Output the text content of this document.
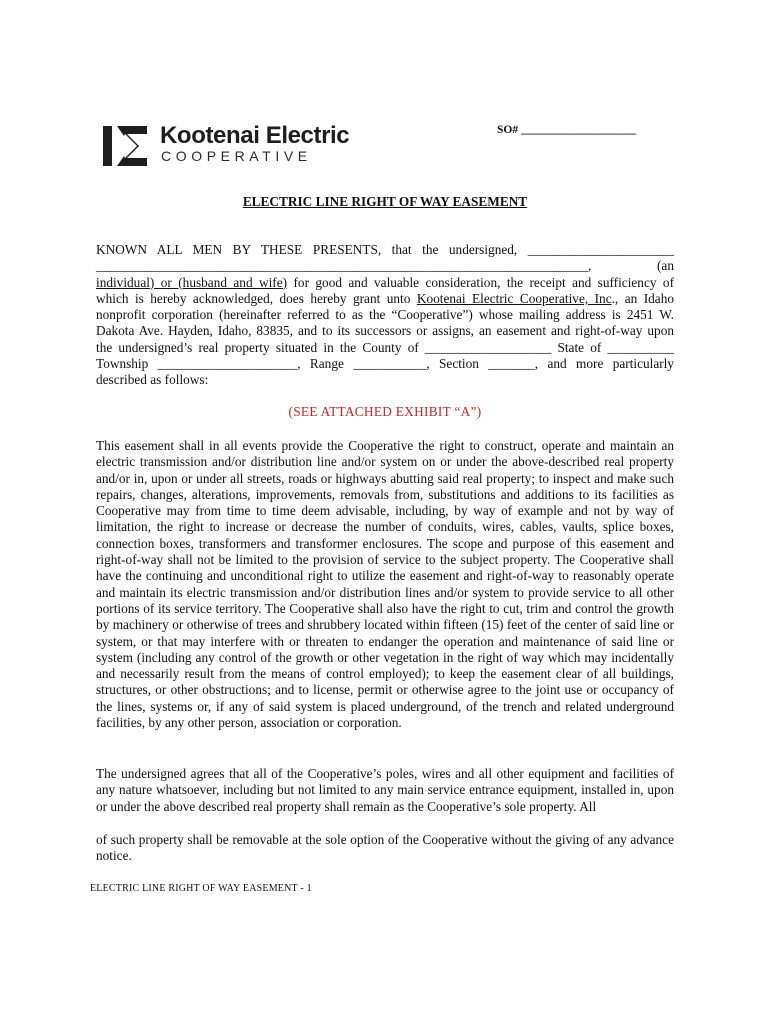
Kootenai Electric
COOPERATIVE
SO# ____________________
ELECTRIC LINE RIGHT OF WAY EASEMENT
KNOWN ALL MEN BY THESE PRESENTS, that the undersigned, ______________________
__________________________________________________________________________, (an
individual) or (husband and wife) for good and valuable consideration, the receipt and sufficiency of
which is hereby acknowledged, does hereby grant unto Kootenai Electric Cooperative, Inc., an Idaho
nonprofit corporation (hereinafter referred to as the “Cooperative”) whose mailing address is 2451 W.
Dakota Ave. Hayden, Idaho, 83835, and to its successors or assigns, an easement and right-of-way upon
the undersigned’s real property situated in the County of ___________________ State of __________
Township _____________________, Range ___________, Section _______, and more particularly
described as follows:
(SEE ATTACHED EXHIBIT “A”)

This easement shall in all events provide the Cooperative the right to construct, operate and maintain an electric transmission and/or distribution line and/or system on or under the above-described real property and/or in, upon or under all streets, roads or highways abutting said real property; to inspect and make such repairs, changes, alterations, improvements, removals from, substitutions and additions to its facilities as Cooperative may from time to time deem advisable, including, by way of example and not by way of limitation, the right to increase or decrease the number of conduits, wires, cables, vaults, splice boxes, connection boxes, transformers and transformer enclosures. The scope and purpose of this easement and right-of-way shall not be limited to the provision of service to the subject property. The Cooperative shall have the continuing and unconditional right to utilize the easement and right-of-way to reasonably operate and maintain its electric transmission and/or distribution lines and/or system to provide service to all other portions of its service territory. The Cooperative shall also have the right to cut, trim and control the growth by machinery or otherwise of trees and shrubbery located within fifteen (15) feet of the center of said line or system, or that may interfere with or threaten to endanger the operation and maintenance of said line or system (including any control of the growth or other vegetation in the right of way which may incidentally and necessarily result from the means of control employed); to keep the easement clear of all buildings, structures, or other obstructions; and to license, permit or otherwise agree to the joint use or occupancy of the lines, systems or, if any of said system is placed underground, of the trench and related underground facilities, by any other person, association or corporation.

The undersigned agrees that all of the Cooperative’s poles, wires and all other equipment and facilities of any nature whatsoever, including but not limited to any main service entrance equipment, installed in, upon or under the above described real property shall remain as the Cooperative’s sole property. All

of such property shall be removable at the sole option of the Cooperative without the giving of any advance notice.

ELECTRIC LINE RIGHT OF WAY EASEMENT - 1
